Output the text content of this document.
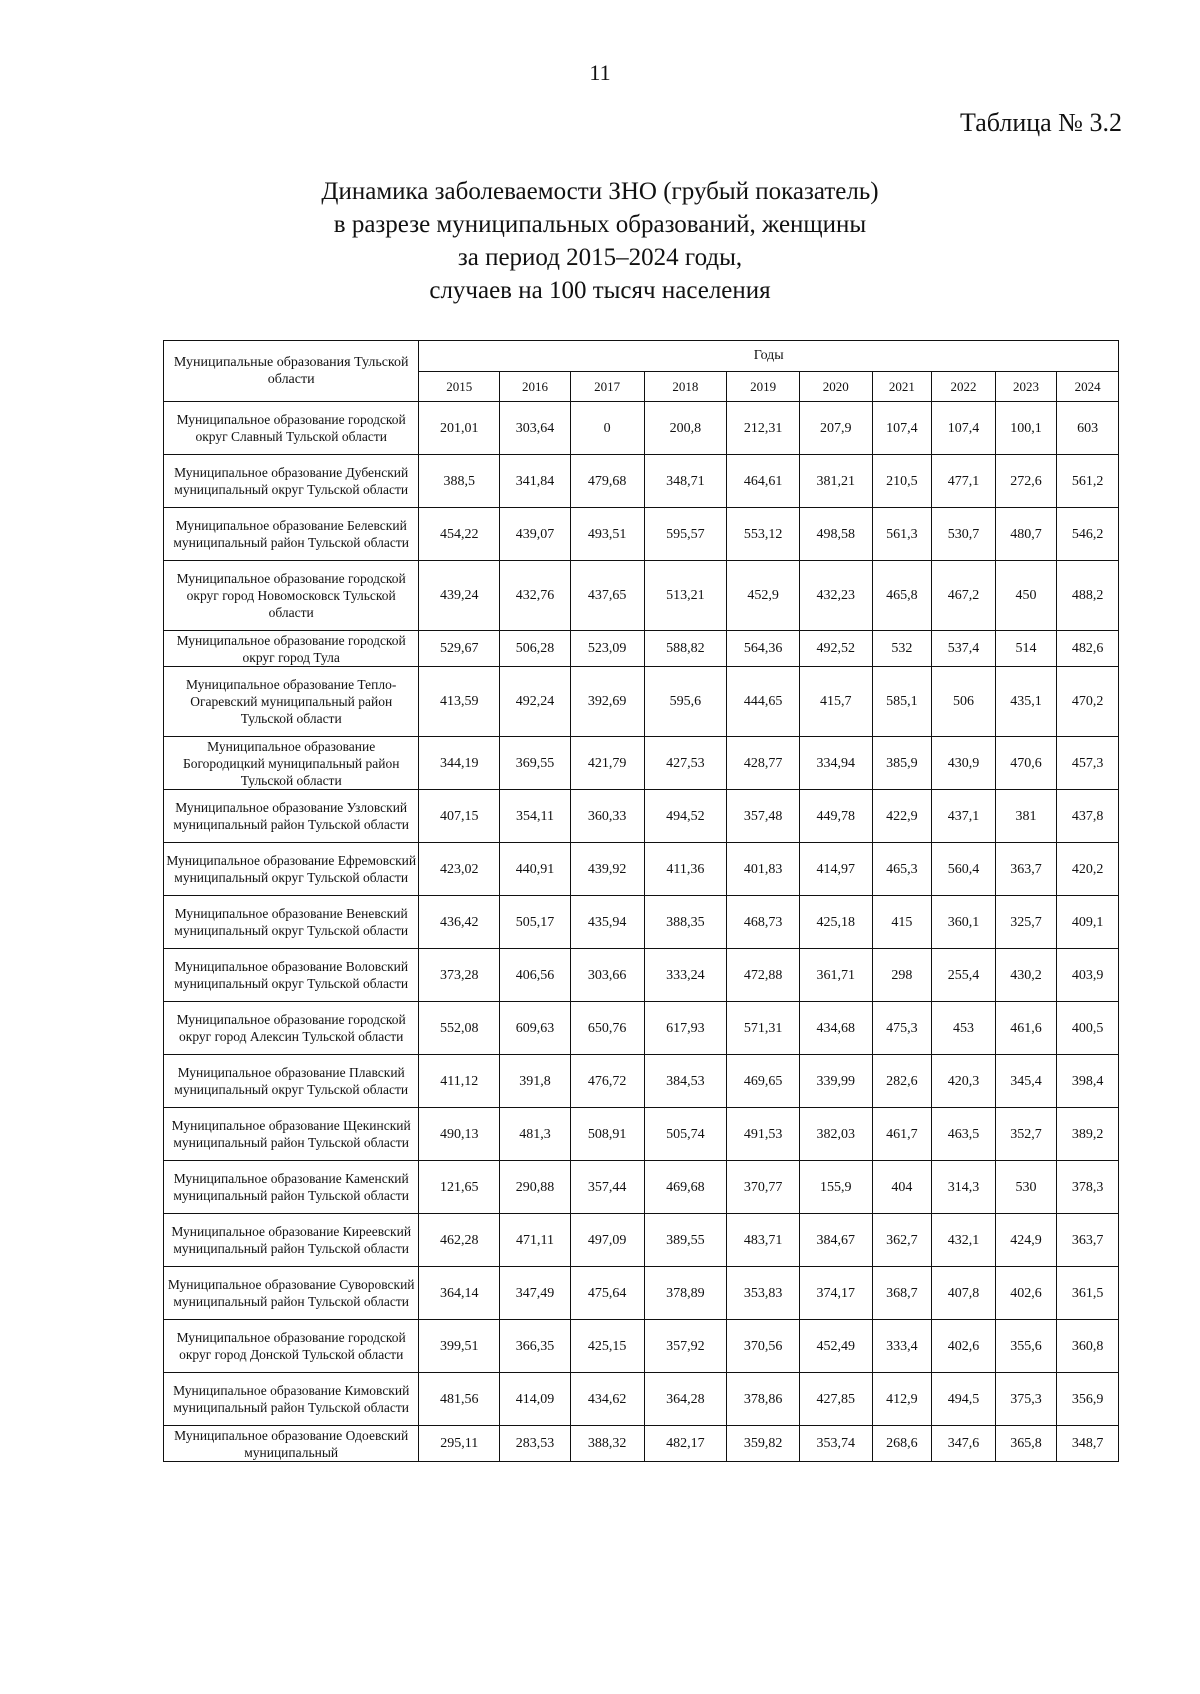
11
Таблица № 3.2
Динамика заболеваемости ЗНО (грубый показатель)
в разрезе муниципальных образований, женщины
за период 2015–2024 годы,
случаев на 100 тысяч населения
Муниципальные образования Тульской области	Годы									
	2015	2016	2017	2018	2019	2020	2021	2022	2023	2024
Муниципальное образование городской округ Славный Тульской области	201,01	303,64	0	200,8	212,31	207,9	107,4	107,4	100,1	603
Муниципальное образование Дубенский муниципальный округ Тульской области	388,5	341,84	479,68	348,71	464,61	381,21	210,5	477,1	272,6	561,2
Муниципальное образование Белевский муниципальный район Тульской области	454,22	439,07	493,51	595,57	553,12	498,58	561,3	530,7	480,7	546,2
Муниципальное образование городской округ город Новомосковск Тульской области	439,24	432,76	437,65	513,21	452,9	432,23	465,8	467,2	450	488,2
Муниципальное образование городской округ город Тула	529,67	506,28	523,09	588,82	564,36	492,52	532	537,4	514	482,6
Муниципальное образование Тепло-Огаревский муниципальный район Тульской области	413,59	492,24	392,69	595,6	444,65	415,7	585,1	506	435,1	470,2
Муниципальное образование Богородицкий муниципальный район Тульской области	344,19	369,55	421,79	427,53	428,77	334,94	385,9	430,9	470,6	457,3
Муниципальное образование Узловский муниципальный район Тульской области	407,15	354,11	360,33	494,52	357,48	449,78	422,9	437,1	381	437,8
Муниципальное образование Ефремовский муниципальный округ Тульской области	423,02	440,91	439,92	411,36	401,83	414,97	465,3	560,4	363,7	420,2
Муниципальное образование Веневский муниципальный округ Тульской области	436,42	505,17	435,94	388,35	468,73	425,18	415	360,1	325,7	409,1
Муниципальное образование Воловский муниципальный округ Тульской области	373,28	406,56	303,66	333,24	472,88	361,71	298	255,4	430,2	403,9
Муниципальное образование городской округ город Алексин Тульской области	552,08	609,63	650,76	617,93	571,31	434,68	475,3	453	461,6	400,5
Муниципальное образование Плавский муниципальный округ Тульской области	411,12	391,8	476,72	384,53	469,65	339,99	282,6	420,3	345,4	398,4
Муниципальное образование Щекинский муниципальный район Тульской области	490,13	481,3	508,91	505,74	491,53	382,03	461,7	463,5	352,7	389,2
Муниципальное образование Каменский муниципальный район Тульской области	121,65	290,88	357,44	469,68	370,77	155,9	404	314,3	530	378,3
Муниципальное образование Киреевский муниципальный район Тульской области	462,28	471,11	497,09	389,55	483,71	384,67	362,7	432,1	424,9	363,7
Муниципальное образование Суворовский муниципальный район Тульской области	364,14	347,49	475,64	378,89	353,83	374,17	368,7	407,8	402,6	361,5
Муниципальное образование городской округ город Донской Тульской области	399,51	366,35	425,15	357,92	370,56	452,49	333,4	402,6	355,6	360,8
Муниципальное образование Кимовский муниципальный район Тульской области	481,56	414,09	434,62	364,28	378,86	427,85	412,9	494,5	375,3	356,9
Муниципальное образование Одоевский муниципальный	295,11	283,53	388,32	482,17	359,82	353,74	268,6	347,6	365,8	348,7
